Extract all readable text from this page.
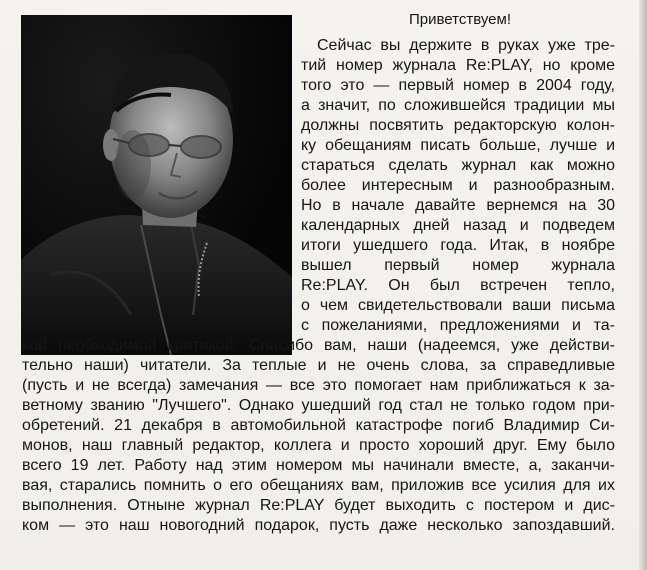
Приветствуем!
Сейчас вы держите в руках уже тре-
тий номер журнала Re:PLAY, но кроме
того это — первый номер в 2004 году,
а значит, по сложившейся традиции мы
должны посвятить редакторскую колон-
ку обещаниям писать больше, лучше и
стараться сделать журнал как можно
более интересным и разнообразным.
Но в начале давайте вернемся на 30
календарных дней назад и подведем
итоги ушедшего года. Итак, в ноябре
вышел первый номер журнала
Re:PLAY. Он был встречен тепло,
о чем свидетельствовали ваши письма
с пожеланиями, предложениями и та-
кой необходимой критикой. Спасибо вам, наши (надеемся, уже действи-
тельно наши) читатели. За теплые и не очень слова, за справедливые
(пусть и не всегда) замечания — все это помогает нам приближаться к за-
ветному званию "Лучшего". Однако ушедший год стал не только годом при-
обретений. 21 декабря в автомобильной катастрофе погиб Владимир Си-
монов, наш главный редактор, коллега и просто хороший друг. Ему было
всего 19 лет. Работу над этим номером мы начинали вместе, а, заканчи-
вая, старались помнить о его обещаниях вам, приложив все усилия для их
выполнения. Отныне журнал Re:PLAY будет выходить с постером и дис-
ком — это наш новогодний подарок, пусть даже несколько запоздавший.
